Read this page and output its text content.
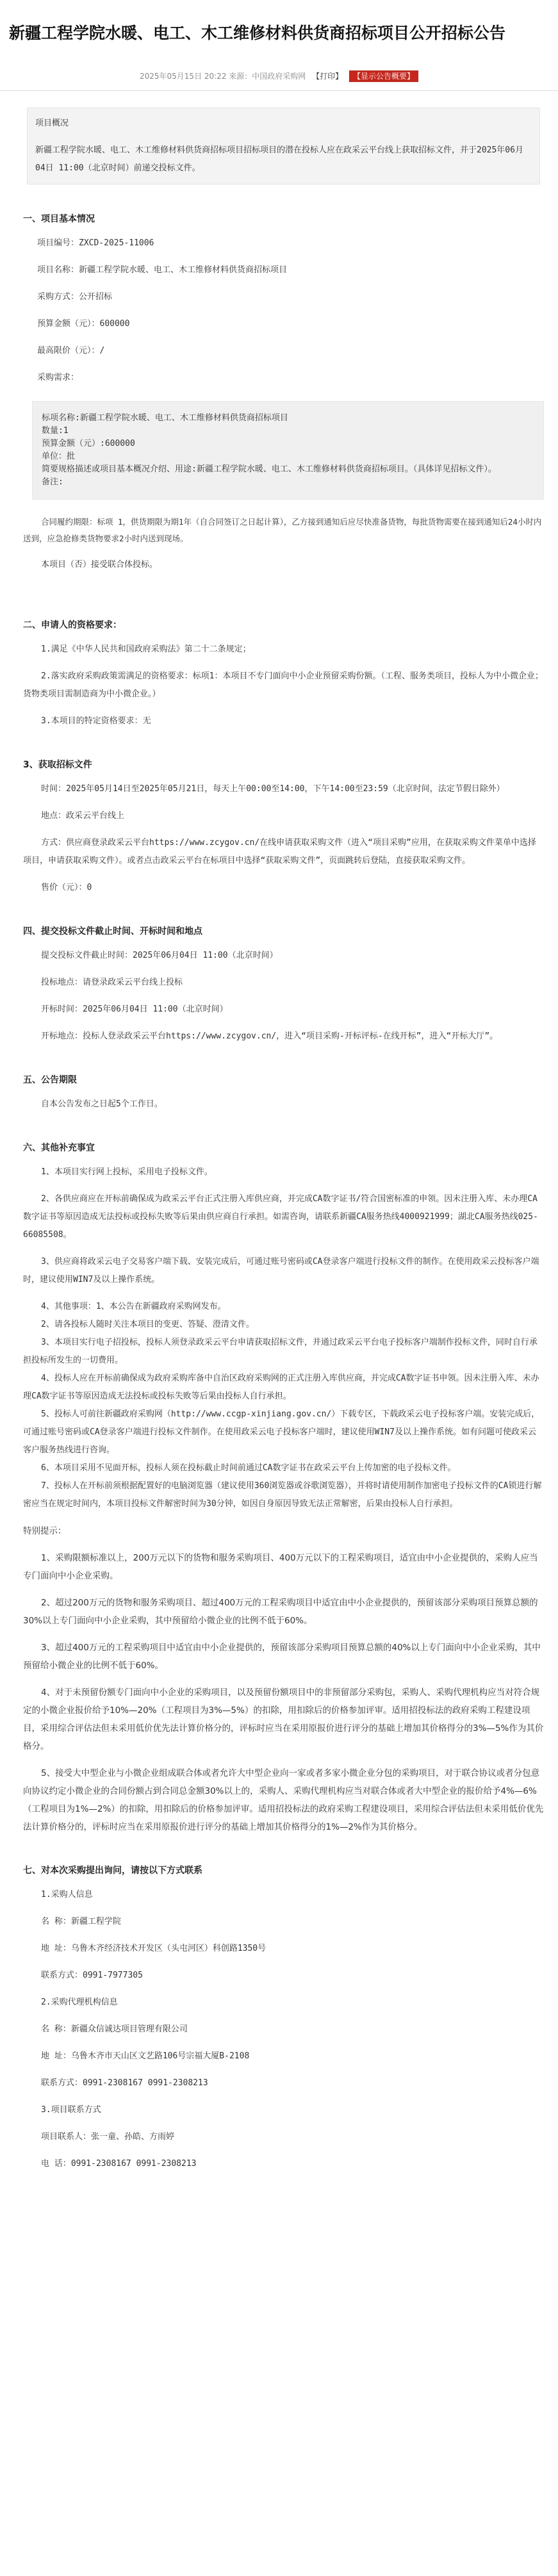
新疆工程学院水暖、电工、木工维修材料供货商招标项目公开招标公告
2025年05月15日 20:22 来源：中国政府采购网 【打印】 【显示公告概要】

项目概况

新疆工程学院水暖、电工、木工维修材料供货商招标项目招标项目的潜在投标人应在政采云平台线上获取招标文件，并于2025年06月04日 11:00（北京时间）前递交投标文件。

一、项目基本情况

项目编号：ZXCD-2025-11006

项目名称：新疆工程学院水暖、电工、木工维修材料供货商招标项目

采购方式：公开招标

预算金额（元）：600000

最高限价（元）：/

采购需求：

标项名称:新疆工程学院水暖、电工、木工维修材料供货商招标项目

数量:1

预算金额（元）:600000

单位：批

简要规格描述或项目基本概况介绍、用途:新疆工程学院水暖、电工、木工维修材料供货商招标项目。（具体详见招标文件）。

备注:

合同履约期限：标项 1，供货期限为期1年（自合同签订之日起计算），乙方接到通知后应尽快准备货物，每批货物需要在接到通知后24小时内送到，应急抢修类货物要求2小时内送到现场。

本项目（否）接受联合体投标。

二、申请人的资格要求：

1.满足《中华人民共和国政府采购法》第二十二条规定；

2.落实政府采购政策需满足的资格要求：标项1：本项目不专门面向中小企业预留采购份额。（工程、服务类项目，投标人为中小微企业；货物类项目需制造商为中小微企业。）

3.本项目的特定资格要求：无

3、获取招标文件

时间：2025年05月14日至2025年05月21日，每天上午00:00至14:00，下午14:00至23:59（北京时间，法定节假日除外）

地点：政采云平台线上

方式：供应商登录政采云平台https://www.zcygov.cn/在线申请获取采购文件（进入“项目采购”应用，在获取采购文件菜单中选择项目，申请获取采购文件）。或者点击政采云平台在标项目中选择“获取采购文件”，页面跳转后登陆，直接获取采购文件。

售价（元）：0

四、提交投标文件截止时间、开标时间和地点

提交投标文件截止时间：2025年06月04日 11:00（北京时间）

投标地点：请登录政采云平台线上投标

开标时间：2025年06月04日 11:00（北京时间）

开标地点：投标人登录政采云平台https://www.zcygov.cn/，进入“项目采购-开标评标-在线开标”，进入“开标大厅”。

五、公告期限

自本公告发布之日起5个工作日。

六、其他补充事宜

1、本项目实行网上投标，采用电子投标文件。

2、各供应商应在开标前确保成为政采云平台正式注册入库供应商，并完成CA数字证书/符合国密标准的申领。因未注册入库、未办理CA数字证书等原因造成无法投标或投标失败等后果由供应商自行承担。如需咨询，请联系新疆CA服务热线4000921999；湖北CA服务热线025-66085508。

3、供应商将政采云电子交易客户端下载、安装完成后，可通过账号密码或CA登录客户端进行投标文件的制作。在使用政采云投标客户端时，建议使用WIN7及以上操作系统。

4、其他事项：1、本公告在新疆政府采购网发布。

2、请各投标人随时关注本项目的变更、答疑、澄清文件。

3、本项目实行电子招投标，投标人须登录政采云平台申请获取招标文件，并通过政采云平台电子投标客户端制作投标文件，同时自行承担投标所发生的一切费用。

4、投标人应在开标前确保成为政府采购库备中自治区政府采购网的正式注册入库供应商，并完成CA数字证书申领。因未注册入库、未办理CA数字证书等原因造成无法投标或投标失败等后果由投标人自行承担。

5、投标人可前往新疆政府采购网（http://www.ccgp-xinjiang.gov.cn/）下载专区，下载政采云电子投标客户端。安装完成后，可通过账号密码或CA登录客户端进行投标文件制作。在使用政采云电子投标客户端时，建议使用WIN7及以上操作系统。如有问题可使政采云客户服务热线进行咨询。

6、本项目采用不见面开标，投标人须在投标截止时间前通过CA数字证书在政采云平台上传加密的电子投标文件。

7、投标人在开标前须根据配置好的电脑浏览器（建议使用360浏览器或谷歌浏览器），并将时请使用制作加密电子投标文件的CA锁进行解密应当在规定时间内，本项目投标文件解密时间为30分钟，如因自身原因导致无法正常解密，后果由投标人自行承担。

特别提示：

1、采购限额标准以上，200万元以下的货物和服务采购项目、400万元以下的工程采购项目，适宜由中小企业提供的，采购人应当专门面向中小企业采购。

2、超过200万元的货物和服务采购项目、超过400万元的工程采购项目中适宜由中小企业提供的，预留该部分采购项目预算总额的30%以上专门面向中小企业采购，其中预留给小微企业的比例不低于60%。

3、超过400万元的工程采购项目中适宜由中小企业提供的，预留该部分采购项目预算总额的40%以上专门面向中小企业采购，其中预留给小微企业的比例不低于60%。

4、对于未预留份额专门面向中小企业的采购项目，以及预留份额项目中的非预留部分采购包，采购人、采购代理机构应当对符合规定的小微企业报价给予10%—20%（工程项目为3%—5%）的扣除，用扣除后的价格参加评审。适用招投标法的政府采购工程建设项目，采用综合评估法但未采用低价优先法计算价格分的，评标时应当在采用原报价进行评分的基础上增加其价格得分的3%—5%作为其价格分。

5、接受大中型企业与小微企业组成联合体或者允许大中型企业向一家或者多家小微企业分包的采购项目，对于联合协议或者分包意向协议约定小微企业的合同份额占到合同总金额30%以上的，采购人、采购代理机构应当对联合体或者大中型企业的报价给予4%—6%（工程项目为1%—2%）的扣除，用扣除后的价格参加评审。适用招投标法的政府采购工程建设项目，采用综合评估法但未采用低价优先法计算价格分的，评标时应当在采用原报价进行评分的基础上增加其价格得分的1%—2%作为其价格分。

七、对本次采购提出询问，请按以下方式联系

1.采购人信息

名 称：新疆工程学院

地 址：乌鲁木齐经济技术开发区（头屯河区）科创路1350号

联系方式：0991-7977305

2.采购代理机构信息

名 称：新疆众信诚达项目管理有限公司

地 址：乌鲁木齐市天山区文艺路106号宗福大厦B-2108

联系方式：0991-2308167 0991-2308213

3.项目联系方式

项目联系人：张一童、孙皓、方雨婷

电 话：0991-2308167 0991-2308213
